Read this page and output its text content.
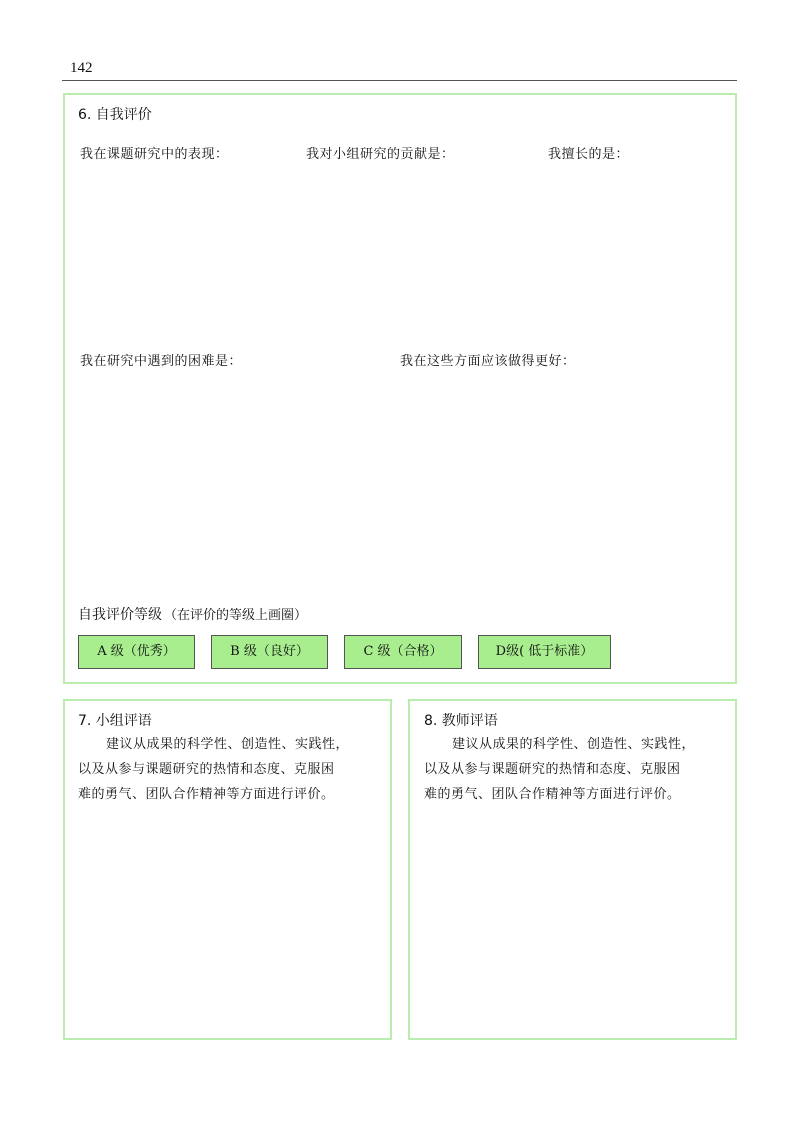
142
6. 自我评价
我在课题研究中的表现：	我对小组研究的贡献是：	我擅长的是：
我在研究中遇到的困难是：	我在这些方面应该做得更好：
自我评价等级 （在评价的等级上画圈）
A 级（优秀）	B 级（良好）	C 级（合格）	D级( 低于标准）
7. 小组评语
建议从成果的科学性、创造性、实践性，
以及从参与课题研究的热情和态度、克服困
难的勇气、团队合作精神等方面进行评价。
8. 教师评语
建议从成果的科学性、创造性、实践性，
以及从参与课题研究的热情和态度、克服困
难的勇气、团队合作精神等方面进行评价。
